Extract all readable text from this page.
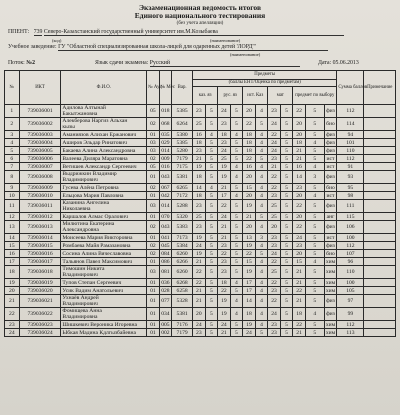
Экзаменационная ведомость итогов
Единого национального тестирования
(без учета апелляции)
ППЕНТ: 739 Северо-Казахстанский государственный университет им.М.Козыбаева
(код)	(наименование)
Учебное заведение: ГУ "Областной специализированная школа-лицей для одаренных детей 'ЛОРД'"
(наименование)
Поток: №2	Язык сдачи экзамена: Русский	Дата: 05.06.2013
№	ИКТ	Ф.И.О.	№ Ауд	№ Мес	Вар.	Предметы											Сумма баллов	Примечание
						(баллы ЕНТ/Оценка по предметам)												
						каз. яз		рус. яз		ист. Каз		мат		предмет по выбору				
1	739036001	Адилова Алтынай
Бакытжановна	05	018	5385	23	5	24	5	20	4	23	5	22	5	физ	112	
2	739036002	Алекберова Наргиз Альхан
кызы	02	068	6264	25	5	23	5	22	5	24	5	20	5	био	114	
3	739036003	Аманиязов Алихан Ержанович	01	035	5380	16	4	18	4	18	4	22	5	20	5	физ	94	
4	739036004	Аширов Эльдар Ринатович	03	029	5385	18	5	23	5	18	4	24	5	18	4	физ	101	
5	739036005	Бакаева Алина Александровна	03	014	5280	23	5	24	5	18	4	24	5	21	5	физ	110	
6	739036006	Валеева Диляра Маратовна	02	009	7179	21	5	25	5	22	5	23	5	21	5	ист	112	
7	739036007	Ветишев Александр Сергеевич	05	016	7175	19	5	19	4	16	4	21	5	16	4	ист	91	
8	739036008	Выдрижкин Владимир
Владимирович	01	043	5381	18	5	19	4	20	4	22	5	14	3	физ	93	
9	739036009	Гусева Алёна Петровна	02	067	6265	14	4	21	5	15	4	22	5	23	5	био	95	
10	739036010	Ельцова Мария Павловна	01	042	7172	18	5	17	4	20	4	23	5	20	4	ист	98	
11	739036011	Казанина Ангелина
Николаевна	03	014	5288	23	5	22	5	19	4	25	5	22	5	физ	111	
12	739036012	Каршалов Алмас Оралович	01	070	5320	25	5	24	5	21	5	25	5	20	5	анг	115	
13	739036013	Милютина Екатерина
Александровна	02	043	5383	23	5	21	5	20	4	20	5	22	5	физ	106	
14	739036014	Моисеева Мария Викторовна	01	041	7173	19	5	21	5	13	3	23	5	24	5	ист	100	
15	739036015	Ромбаева Майя Рамазановна	02	045	5384	24	5	23	5	19	4	23	5	23	5	физ	112	
16	739036016	Сосина Алина Вячеславовна	02	084	6260	19	5	22	5	22	5	24	5	20	5	био	107	
17	739036017	Тальянов Павел Максимович	01	086	6266	21	5	23	5	15	4	22	5	15	4	хим	96	
18	739036018	Тимошин Никита
Владимирович	03	081	6260	22	5	23	5	19	4	25	5	21	5	хим	110	
19	739036019	Тупов Степан Сергеевич	01	036	6268	22	5	18	4	17	4	22	5	21	5	хим	100	
20	739036020	Усик Вадим Анатольевич	01	028	6258	21	5	22	5	17	4	23	5	22	5	хим	105	
21	739036021	Ухнаёв Андрей
Владимирович	01	077	5328	21	5	19	4	14	4	22	5	21	5	физ	97	
22	739036022	Фомищева Анна
Владимировна	01	034	5381	20	5	19	4	18	4	24	5	18	4	физ	99	
23	739036023	Шишкевич Вероника Игоревна	01	005	7176	24	5	24	5	19	4	23	5	22	5	хим	112	
24	739036024	Ыбкая Мадина Кдлгызбайевна	01	002	7179	23	5	21	5	24	5	23	5	21	5	хим	113	
